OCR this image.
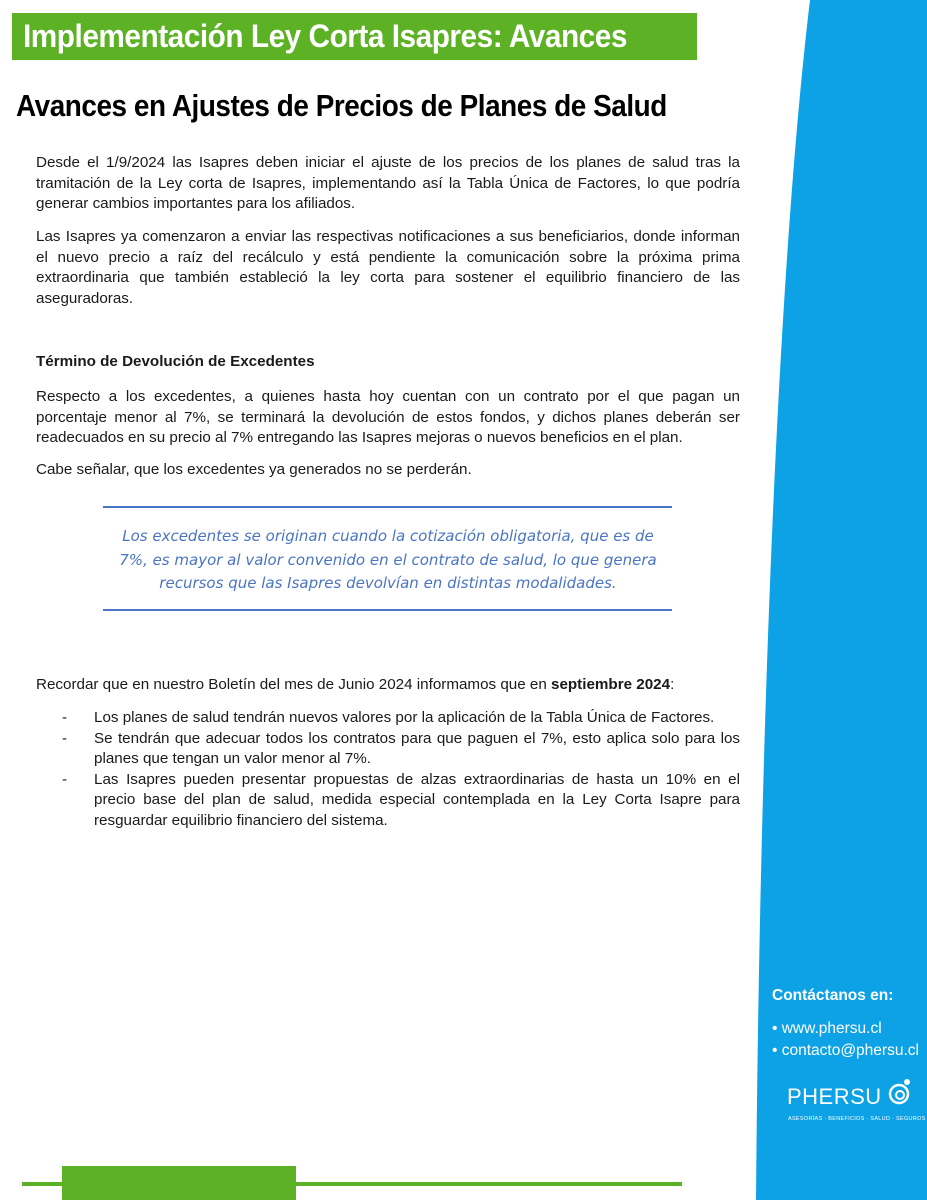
Implementación Ley Corta Isapres: Avances
Avances en Ajustes de Precios de Planes de Salud

Desde el 1/9/2024 las Isapres deben iniciar el ajuste de los precios de los planes de salud tras la tramitación de la Ley corta de Isapres, implementando así la Tabla Única de Factores, lo que podría generar cambios importantes para los afiliados.

Las Isapres ya comenzaron a enviar las respectivas notificaciones a sus beneficiarios, donde informan el nuevo precio a raíz del recálculo y está pendiente la comunicación sobre la próxima prima extraordinaria que también estableció la ley corta para sostener el equilibrio financiero de las aseguradoras.

Término de Devolución de Excedentes

Respecto a los excedentes, a quienes hasta hoy cuentan con un contrato por el que pagan un porcentaje menor al 7%, se terminará la devolución de estos fondos, y dichos planes deberán ser readecuados en su precio al 7% entregando las Isapres mejoras o nuevos beneficios en el plan.

Cabe señalar, que los excedentes ya generados no se perderán.

Los excedentes se originan cuando la cotización obligatoria, que es de 7%, es mayor al valor convenido en el contrato de salud, lo que genera recursos que las Isapres devolvían en distintas modalidades.

Recordar que en nuestro Boletín del mes de Junio 2024 informamos que en septiembre 2024:

- Los planes de salud tendrán nuevos valores por la aplicación de la Tabla Única de Factores.
- Se tendrán que adecuar todos los contratos para que paguen el 7%, esto aplica solo para los planes que tengan un valor menor al 7%.
- Las Isapres pueden presentar propuestas de alzas extraordinarias de hasta un 10% en el precio base del plan de salud, medida especial contemplada en la Ley Corta Isapre para resguardar equilibrio financiero del sistema.
Contáctanos en:
• www.phersu.cl
• contacto@phersu.cl
PHERSU
ASESORÍAS · BENEFICIOS · SALUD · SEGUROS
